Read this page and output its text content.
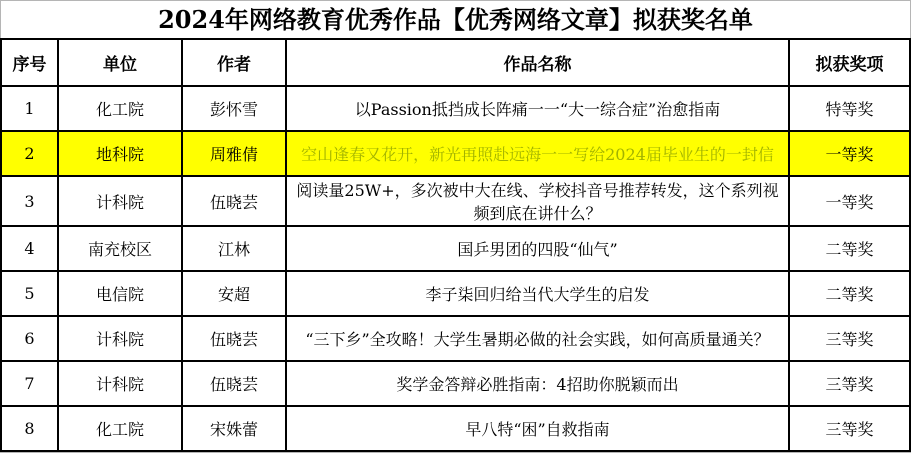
2024年网络教育优秀作品【优秀网络文章】拟获奖名单
序号	单位	作者	作品名称	拟获奖项
1	化工院	彭怀雪	以Passion抵挡成长阵痛一一“大一综合症”治愈指南	特等奖
2	地科院	周雅倩	空山逢春又花开，新光再照赴远海一一写给2024届毕业生的一封信	一等奖
3	计科院	伍晓芸	阅读量25W+，多次被中大在线、学校抖音号推荐转发，这个系列视频到底在讲什么？	一等奖
4	南充校区	江林	国乒男团的四股“仙气”	二等奖
5	电信院	安超	李子柒回归给当代大学生的启发	二等奖
6	计科院	伍晓芸	“三下乡”全攻略！大学生暑期必做的社会实践，如何高质量通关？	三等奖
7	计科院	伍晓芸	奖学金答辩必胜指南：4招助你脱颖而出	三等奖
8	化工院	宋姝蕾	早八特“困”自救指南	三等奖
